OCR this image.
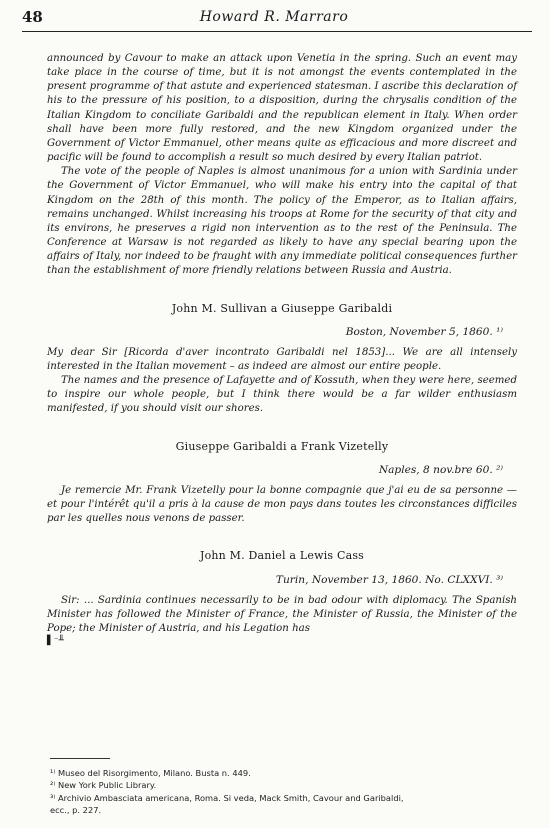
48	Howard R. Marraro

announced by Cavour to make an attack upon Venetia in the spring. Such an event may take place in the course of time, but it is not amongst the events contemplated in the present programme of that astute and experienced statesman. I ascribe this declaration of his to the pressure of his position, to a disposition, during the chrysalis condition of the Italian Kingdom to conciliate Garibaldi and the republican element in Italy. When order shall have been more fully restored, and the new Kingdom organized under the Government of Victor Emmanuel, other means quite as efficacious and more discreet and pacific will be found to accomplish a result so much desired by every Italian patriot.

The vote of the people of Naples is almost unanimous for a union with Sardinia under the Government of Victor Emmanuel, who will make his entry into the capital of that Kingdom on the 28th of this month. The policy of the Emperor, as to Italian affairs, remains unchanged. Whilst increasing his troops at Rome for the security of that city and its environs, he preserves a rigid non intervention as to the rest of the Peninsula. The Conference at Warsaw is not regarded as likely to have any special bearing upon the affairs of Italy, nor indeed to be fraught with any immediate political consequences further than the establishment of more friendly relations between Russia and Austria.

John M. Sullivan a Giuseppe Garibaldi

Boston, November 5, 1860. ¹⁾

My dear Sir [Ricorda d'aver incontrato Garibaldi nel 1853]... We are all intensely interested in the Italian movement – as indeed are almost our entire people.

The names and the presence of Lafayette and of Kossuth, when they were here, seemed to inspire our whole people, but I think there would be a far wilder enthusiasm manifested, if you should visit our shores.

Giuseppe Garibaldi a Frank Vizetelly

Naples, 8 nov.bre 60. ²⁾

Je remercie Mr. Frank Vizetelly pour la bonne compagnie que j'ai eu de sa personne — et pour l'intérêt qu'il a pris à la cause de mon pays dans toutes les circonstances difficiles par les quelles nous venons de passer.

John M. Daniel a Lewis Cass

Turin, November 13, 1860. No. CLXXVI. ³⁾

Sir: ... Sardinia continues necessarily to be in bad odour with diplomacy. The Spanish Minister has followed the Minister of France, the Minister of Russia, the Minister of the Pope; the Minister of Austria, and his Legation has

▌⁻╨

¹⁾ Museo del Risorgimento, Milano. Busta n. 449.

²⁾ New York Public Library.

³⁾ Archivio Ambasciata americana, Roma. Si veda, Mack Smith, Cavour and Garibaldi,

ecc., p. 227.
